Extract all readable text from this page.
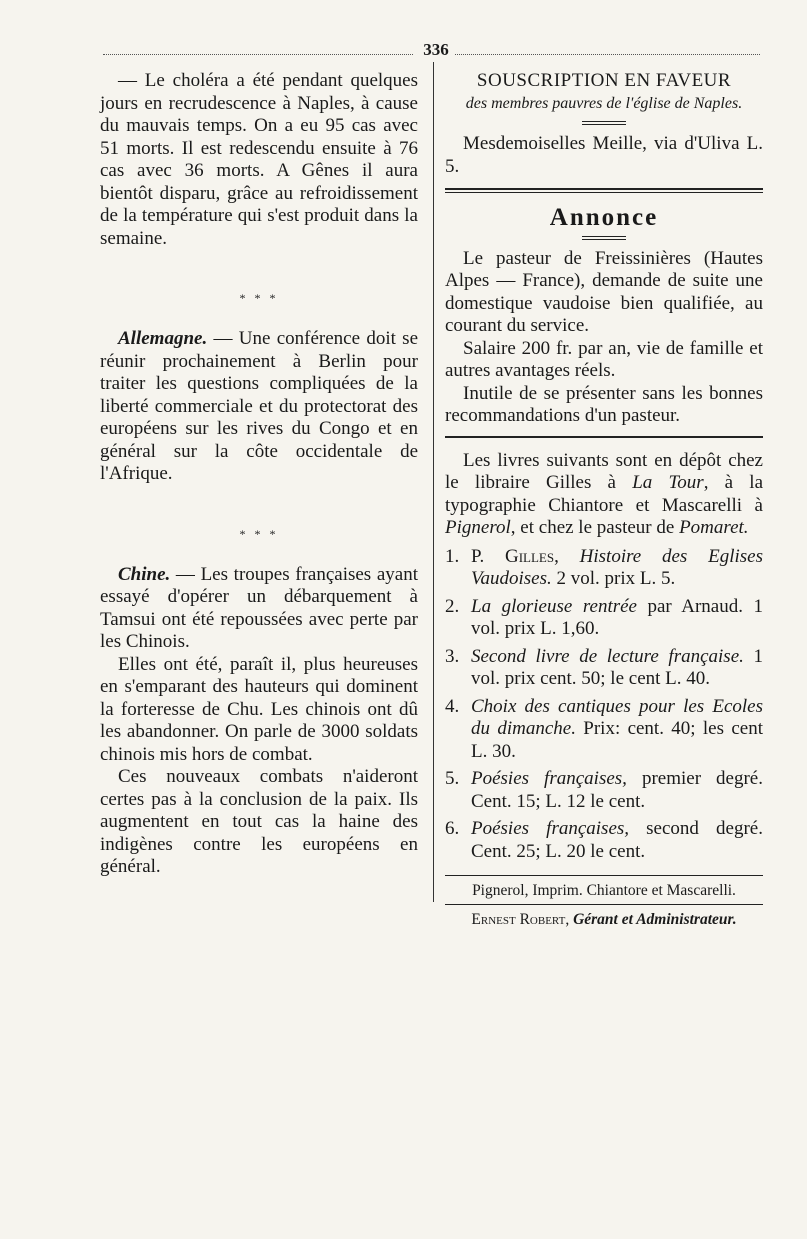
336

— Le choléra a été pendant quelques jours en recrudescence à Naples, à cause du mauvais temps. On a eu 95 cas avec 51 morts. Il est redescendu ensuite à 76 cas avec 36 morts. A Gênes il aura bientôt disparu, grâce au refroidissement de la température qui s'est produit dans la semaine.

* * *

Allemagne. — Une conférence doit se réunir prochainement à Berlin pour traiter les questions compliquées de la liberté commerciale et du protectorat des européens sur les rives du Congo et en général sur la côte occidentale de l'Afrique.

* * *

Chine. — Les troupes françaises ayant essayé d'opérer un débarquement à Tamsui ont été repoussées avec perte par les Chinois.

Elles ont été, paraît il, plus heureuses en s'emparant des hauteurs qui dominent la forteresse de Chu. Les chinois ont dû les abandonner. On parle de 3000 soldats chinois mis hors de combat.

Ces nouveaux combats n'aideront certes pas à la conclusion de la paix. Ils augmentent en tout cas la haine des indigènes contre les européens en général.

SOUSCRIPTION EN FAVEUR
des membres pauvres de l'église de Naples.

Mesdemoiselles Meille, via d'Uliva L. 5.

Annonce

Le pasteur de Freissinières (Hautes Alpes — France), demande de suite une domestique vaudoise bien qualifiée, au courant du service.

Salaire 200 fr. par an, vie de famille et autres avantages réels.

Inutile de se présenter sans les bonnes recommandations d'un pasteur.

Les livres suivants sont en dépôt chez le libraire Gilles à La Tour, à la typographie Chiantore et Mascarelli à Pignerol, et chez le pasteur de Pomaret.

1. P. Gilles, Histoire des Eglises Vaudoises. 2 vol. prix L. 5.
2. La glorieuse rentrée par Arnaud. 1 vol. prix L. 1,60.
3. Second livre de lecture française. 1 vol. prix cent. 50; le cent L. 40.
4. Choix des cantiques pour les Ecoles du dimanche. Prix: cent. 40; les cent L. 30.
5. Poésies françaises, premier degré. Cent. 15; L. 12 le cent.
6. Poésies françaises, second degré. Cent. 25; L. 20 le cent.
Pignerol, Imprim. Chiantore et Mascarelli.
Ernest Robert, Gérant et Administrateur.
